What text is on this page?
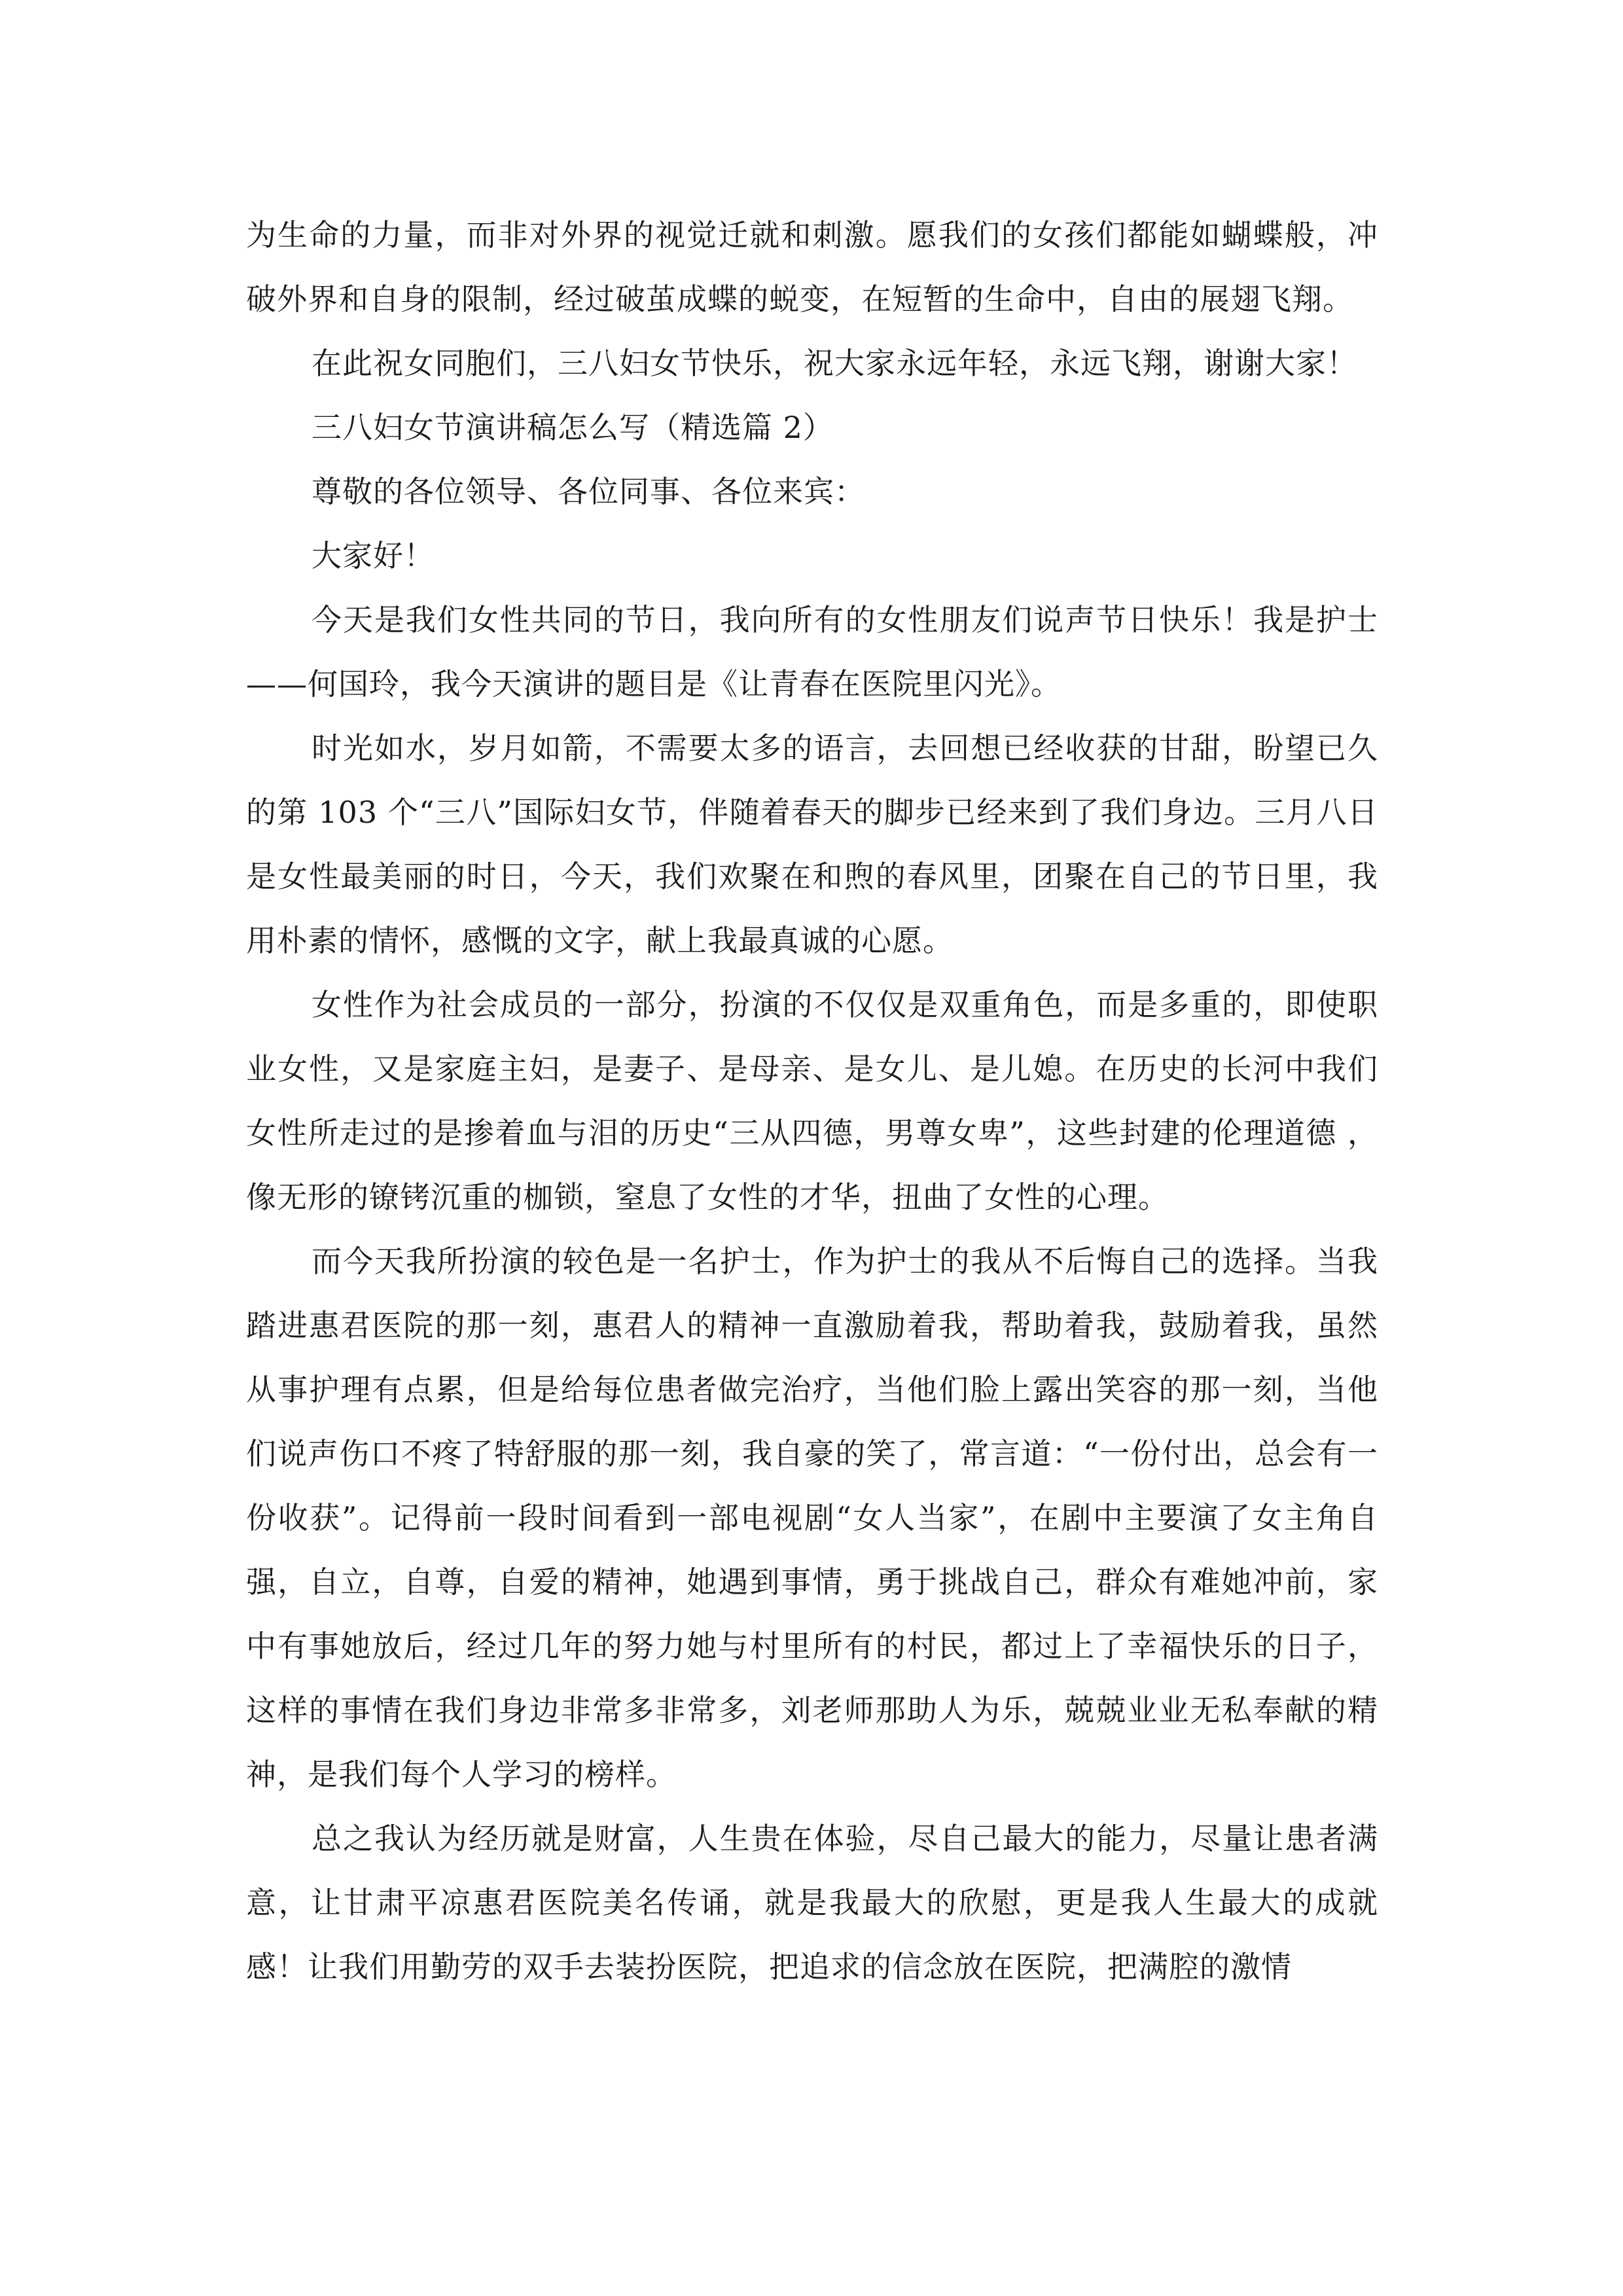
为生命的力量，而非对外界的视觉迁就和刺激。愿我们的女孩们都能如蝴蝶般，冲破外界和自身的限制，经过破茧成蝶的蜕变，在短暂的生命中，自由的展翅飞翔。

在此祝女同胞们，三八妇女节快乐，祝大家永远年轻，永远飞翔，谢谢大家！

三八妇女节演讲稿怎么写（精选篇 2）

尊敬的各位领导、各位同事、各位来宾：

大家好！

今天是我们女性共同的节日，我向所有的女性朋友们说声节日快乐！我是护士——何国玲，我今天演讲的题目是《让青春在医院里闪光》。

时光如水，岁月如箭，不需要太多的语言，去回想已经收获的甘甜，盼望已久的第 103 个“三八”国际妇女节，伴随着春天的脚步已经来到了我们身边。三月八日是女性最美丽的时日，今天，我们欢聚在和煦的春风里，团聚在自己的节日里，我用朴素的情怀，感慨的文字，献上我最真诚的心愿。

女性作为社会成员的一部分，扮演的不仅仅是双重角色，而是多重的，即使职业女性，又是家庭主妇，是妻子、是母亲、是女儿、是儿媳。在历史的长河中我们女性所走过的是掺着血与泪的历史“三从四德，男尊女卑”，这些封建的伦理道德 ，像无形的镣铐沉重的枷锁，窒息了女性的才华，扭曲了女性的心理。

而今天我所扮演的较色是一名护士，作为护士的我从不后悔自己的选择。当我踏进惠君医院的那一刻，惠君人的精神一直激励着我，帮助着我，鼓励着我，虽然从事护理有点累，但是给每位患者做完治疗，当他们脸上露出笑容的那一刻，当他们说声伤口不疼了特舒服的那一刻，我自豪的笑了，常言道：“一份付出，总会有一份收获”。记得前一段时间看到一部电视剧“女人当家”，在剧中主要演了女主角自强，自立，自尊，自爱的精神，她遇到事情，勇于挑战自己，群众有难她冲前，家中有事她放后，经过几年的努力她与村里所有的村民，都过上了幸福快乐的日子，这样的事情在我们身边非常多非常多，刘老师那助人为乐，兢兢业业无私奉献的精神，是我们每个人学习的榜样。

总之我认为经历就是财富，人生贵在体验，尽自己最大的能力，尽量让患者满意，让甘肃平凉惠君医院美名传诵，就是我最大的欣慰，更是我人生最大的成就感！让我们用勤劳的双手去装扮医院，把追求的信念放在医院，把满腔的激情
